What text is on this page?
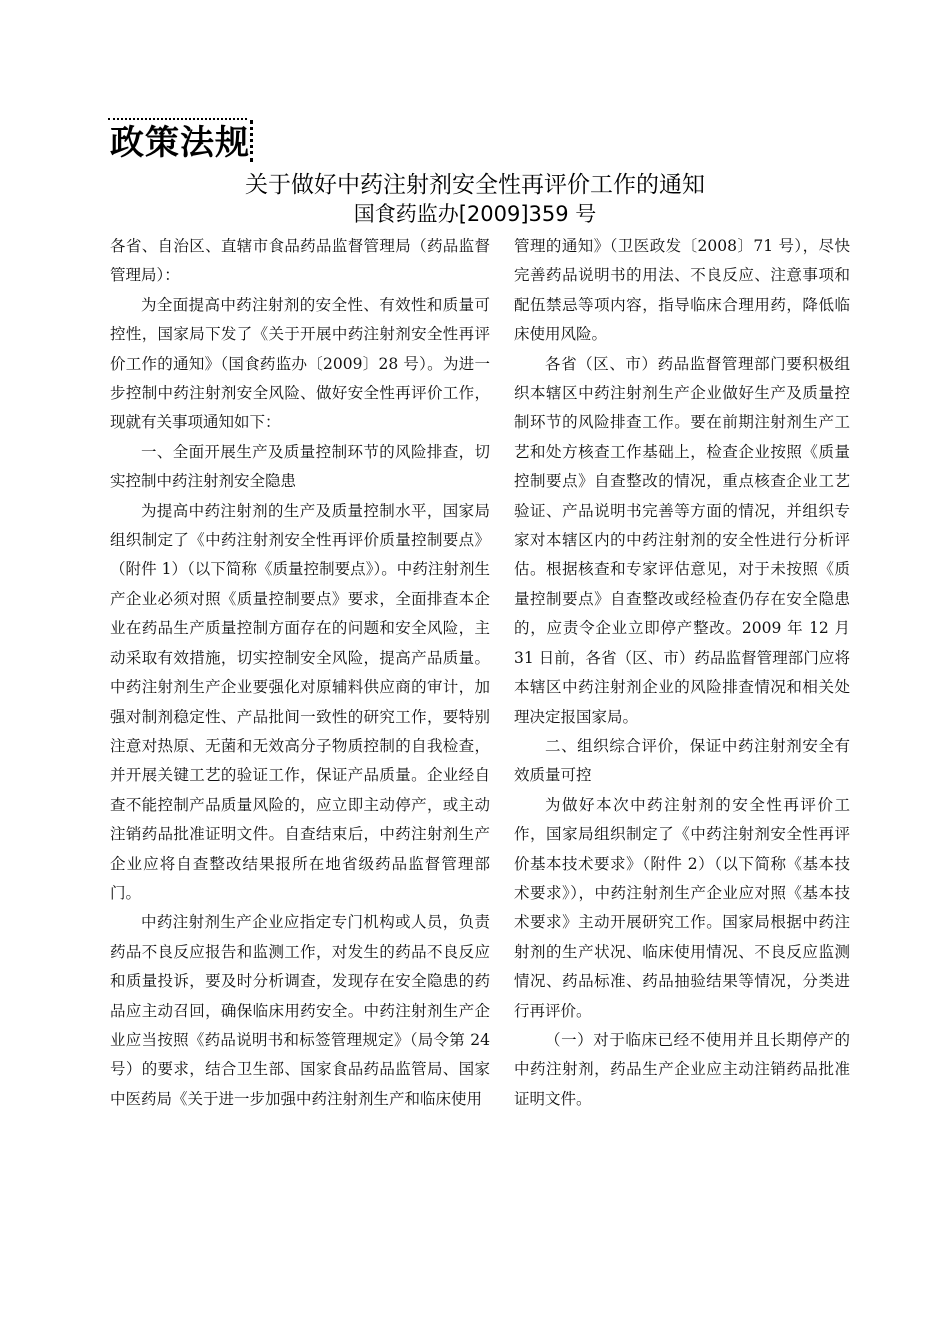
政策法规
关于做好中药注射剂安全性再评价工作的通知
国食药监办[2009]359 号

各省、自治区、直辖市食品药品监督管理局（药品监督管理局）：

为全面提高中药注射剂的安全性、有效性和质量可控性，国家局下发了《关于开展中药注射剂安全性再评价工作的通知》（国食药监办〔2009〕28 号）。为进一步控制中药注射剂安全风险、做好安全性再评价工作，现就有关事项通知如下：

一、全面开展生产及质量控制环节的风险排查，切实控制中药注射剂安全隐患

为提高中药注射剂的生产及质量控制水平，国家局组织制定了《中药注射剂安全性再评价质量控制要点》（附件 1）（以下简称《质量控制要点》）。中药注射剂生产企业必须对照《质量控制要点》要求，全面排查本企业在药品生产质量控制方面存在的问题和安全风险，主动采取有效措施，切实控制安全风险，提高产品质量。中药注射剂生产企业要强化对原辅料供应商的审计，加强对制剂稳定性、产品批间一致性的研究工作，要特别注意对热原、无菌和无效高分子物质控制的自我检查，并开展关键工艺的验证工作，保证产品质量。企业经自查不能控制产品质量风险的，应立即主动停产，或主动注销药品批准证明文件。自查结束后，中药注射剂生产企业应将自查整改结果报所在地省级药品监督管理部门。

中药注射剂生产企业应指定专门机构或人员，负责药品不良反应报告和监测工作，对发生的药品不良反应和质量投诉，要及时分析调查，发现存在安全隐患的药品应主动召回，确保临床用药安全。中药注射剂生产企业应当按照《药品说明书和标签管理规定》（局令第 24 号）的要求，结合卫生部、国家食品药品监管局、国家中医药局《关于进一步加强中药注射剂生产和临床使用

管理的通知》（卫医政发〔2008〕71 号），尽快完善药品说明书的用法、不良反应、注意事项和配伍禁忌等项内容，指导临床合理用药，降低临床使用风险。

各省（区、市）药品监督管理部门要积极组织本辖区中药注射剂生产企业做好生产及质量控制环节的风险排查工作。要在前期注射剂生产工艺和处方核查工作基础上，检查企业按照《质量控制要点》自查整改的情况，重点核查企业工艺验证、产品说明书完善等方面的情况，并组织专家对本辖区内的中药注射剂的安全性进行分析评估。根据核查和专家评估意见，对于未按照《质量控制要点》自查整改或经检查仍存在安全隐患的，应责令企业立即停产整改。2009 年 12 月 31 日前，各省（区、市）药品监督管理部门应将本辖区中药注射剂企业的风险排查情况和相关处理决定报国家局。

二、组织综合评价，保证中药注射剂安全有效质量可控

为做好本次中药注射剂的安全性再评价工作，国家局组织制定了《中药注射剂安全性再评价基本技术要求》（附件 2）（以下简称《基本技术要求》），中药注射剂生产企业应对照《基本技术要求》主动开展研究工作。国家局根据中药注射剂的生产状况、临床使用情况、不良反应监测情况、药品标准、药品抽验结果等情况，分类进行再评价。

（一）对于临床已经不使用并且长期停产的中药注射剂，药品生产企业应主动注销药品批准证明文件。
